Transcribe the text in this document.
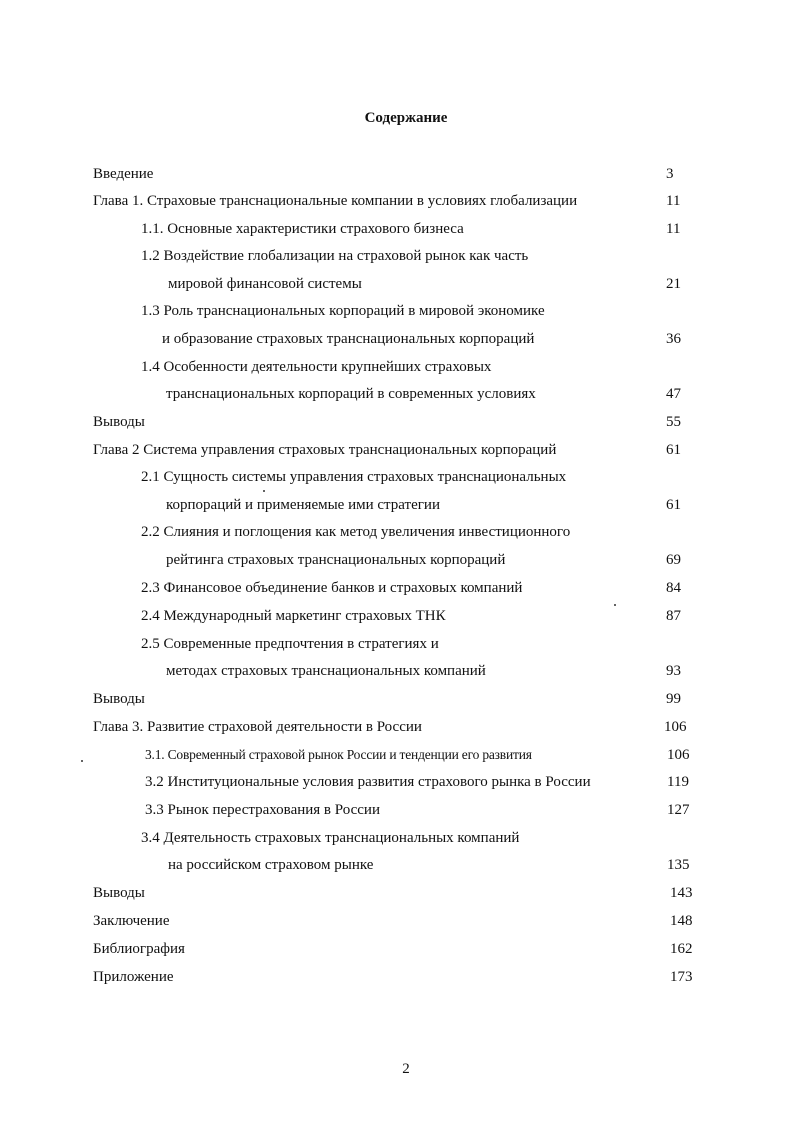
Содержание
Введение	3
Глава 1. Страховые транснациональные компании в условиях глобализации	11
1.1. Основные характеристики страхового бизнеса	11
1.2 Воздействие глобализации на страховой рынок как часть
мировой финансовой системы	21
1.3 Роль транснациональных корпораций в мировой экономике
и образование страховых транснациональных корпораций	36
1.4 Особенности деятельности крупнейших страховых
транснациональных корпораций в современных условиях	47
Выводы	55
Глава 2 Система управления страховых транснациональных корпораций	61
2.1 Сущность системы управления страховых транснациональных
корпораций и применяемые ими стратегии	61
2.2 Слияния и поглощения как метод увеличения инвестиционного
рейтинга страховых транснациональных корпораций	69
2.3 Финансовое объединение банков и страховых компаний	84
2.4 Международный маркетинг страховых ТНК	87
2.5 Современные предпочтения в стратегиях и
методах страховых транснациональных компаний	93
Выводы	99
Глава 3. Развитие страховой деятельности в России	106
3.1. Современный страховой рынок России и тенденции его развития	106
3.2 Институциональные условия развития страхового рынка в России	119
3.3 Рынок перестрахования в России	127
3.4 Деятельность страховых транснациональных компаний
на российском страховом рынке	135
Выводы	143
Заключение	148
Библиография	162
Приложение	173
2
